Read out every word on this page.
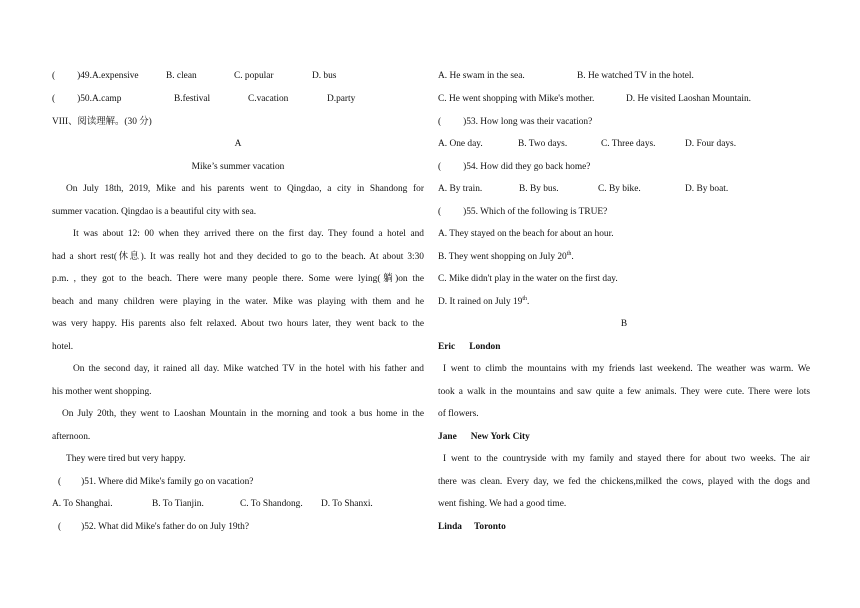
( )49.A.expensive	B. clean	C. popular	D. bus
( )50.A.camp	B.festival	C.vacation	D.party
VIII、阅读理解。(30 分)
A
Mike’s summer vacation
On July 18th, 2019, Mike and his parents went to Qingdao, a city in Shandong for
summer vacation. Qingdao is a beautiful city with sea.
It was about 12: 00 when they arrived there on the first day. They found a hotel and
had a short rest(休息). It was really hot and they decided to go to the beach. At about 3:30
p.m. , they got to the beach. There were many people there. Some were lying(躺)on the
beach and many children were playing in the water. Mike was playing with them and he
was very happy. His parents also felt relaxed. About two hours later, they went back to the
hotel.
On the second day, it rained all day. Mike watched TV in the hotel with his father and
his mother went shopping.
On July 20th, they went to Laoshan Mountain in the morning and took a bus home in the
afternoon.
They were tired but very happy.
( )51. Where did Mike's family go on vacation?
A. To Shanghai.	B. To Tianjin.	C. To Shandong. D. To Shanxi.
( )52. What did Mike's father do on July 19th?
A. He swam in the sea.	B. He watched TV in the hotel.
C. He went shopping with Mike's mother.	D. He visited Laoshan Mountain.
( )53. How long was their vacation?
A. One day.	B. Two days.	C. Three days.	D. Four days.
( )54. How did they go back home?
A. By train.	B. By bus.	C. By bike.	D. By boat.
( )55. Which of the following is TRUE?
A. They stayed on the beach for about an hour.
B. They went shopping on July 20th.
C. Mike didn't play in the water on the first day.
D. It rained on July 19th.
B
Eric London
I went to climb the mountains with my friends last weekend. The weather was warm. We
took a walk in the mountains and saw quite a few animals. They were cute. There were lots
of flowers.
Jane New York City
I went to the countryside with my family and stayed there for about two weeks. The air
there was clean. Every day, we fed the chickens,milked the cows, played with the dogs and
went fishing. We had a good time.
Linda Toronto
